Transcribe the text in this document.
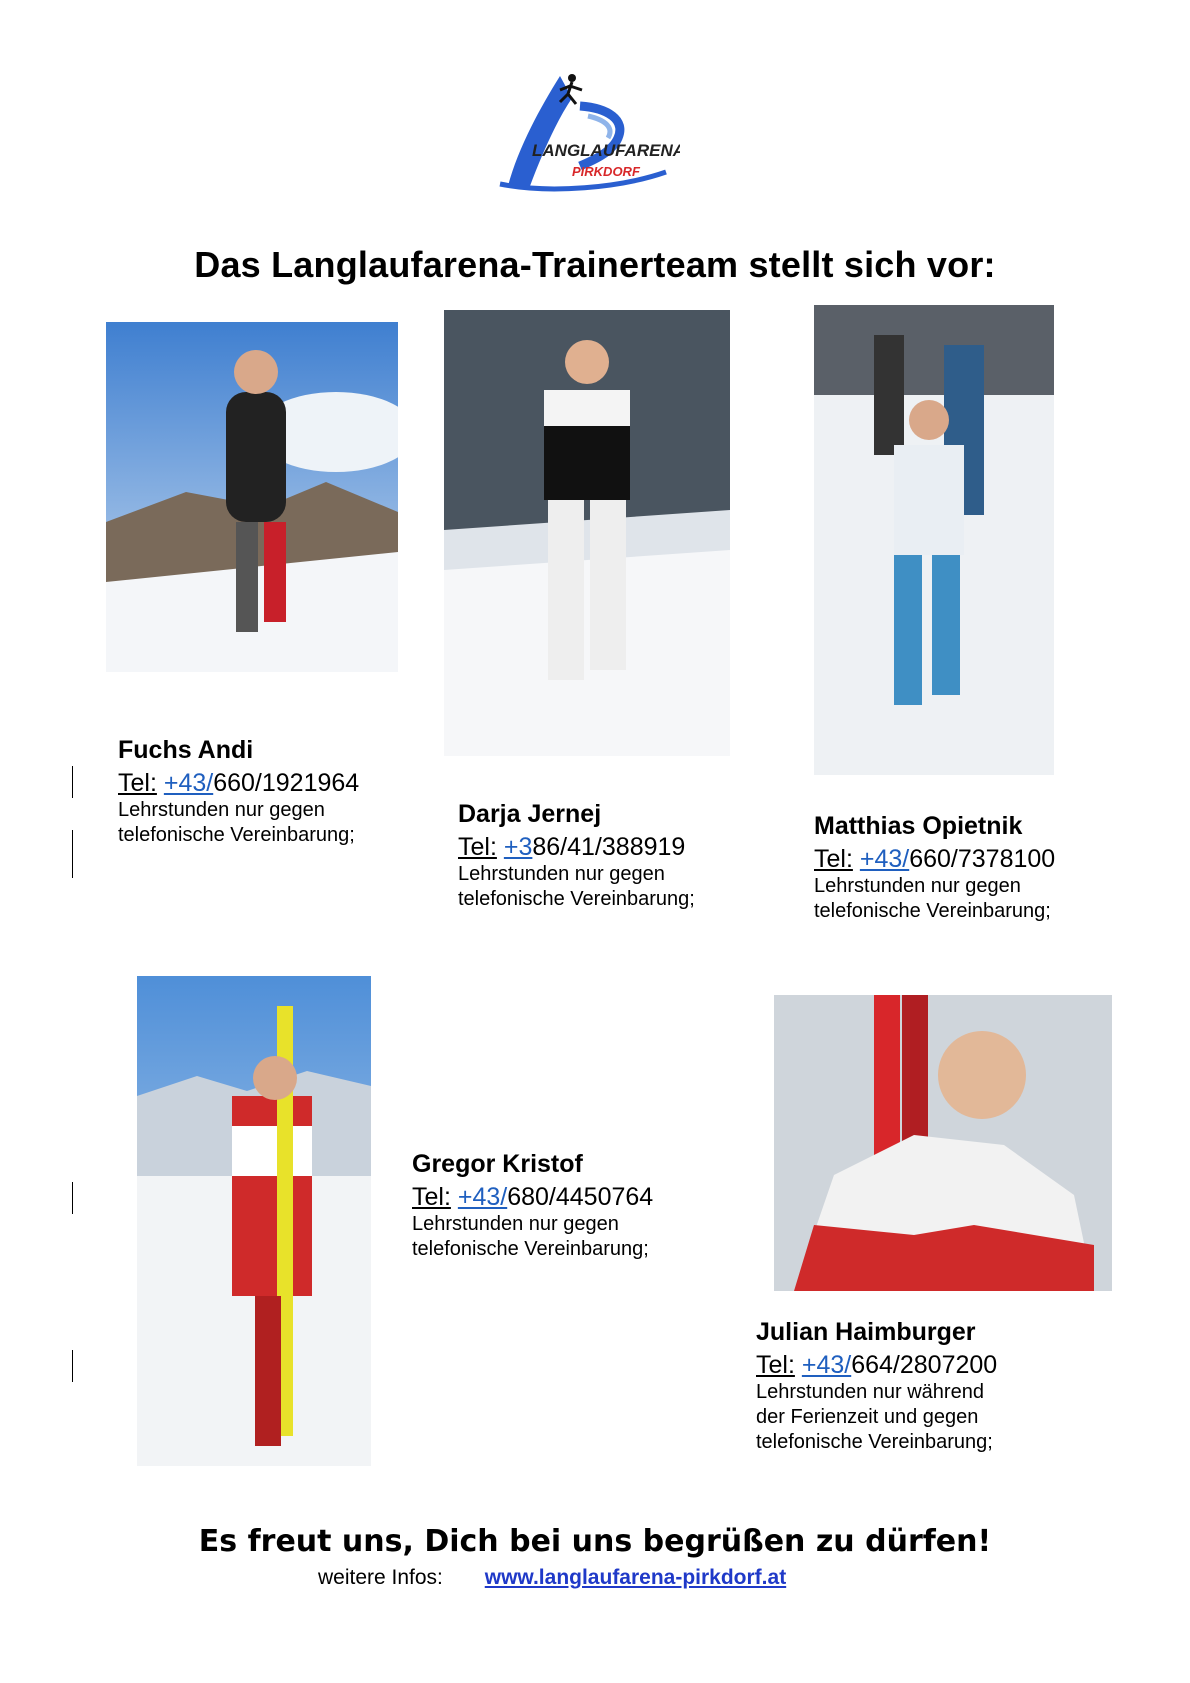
LANGLAUFARENA
PIRKDORF
Das Langlaufarena-Trainerteam stellt sich vor:
Fuchs Andi
Tel: +43/660/1921964
Lehrstunden nur gegen
telefonische Vereinbarung;
Darja Jernej
Tel: +386/41/388919
Lehrstunden nur gegen
telefonische Vereinbarung;
Matthias Opietnik
Tel: +43/660/7378100
Lehrstunden nur gegen
telefonische Vereinbarung;
Gregor Kristof
Tel: +43/680/4450764
Lehrstunden nur gegen
telefonische Vereinbarung;
Julian Haimburger
Tel: +43/664/2807200
Lehrstunden nur während
der Ferienzeit und gegen
telefonische Vereinbarung;
Es freut uns, Dich bei uns begrüßen zu dürfen!
weitere Infos: www.langlaufarena-pirkdorf.at
